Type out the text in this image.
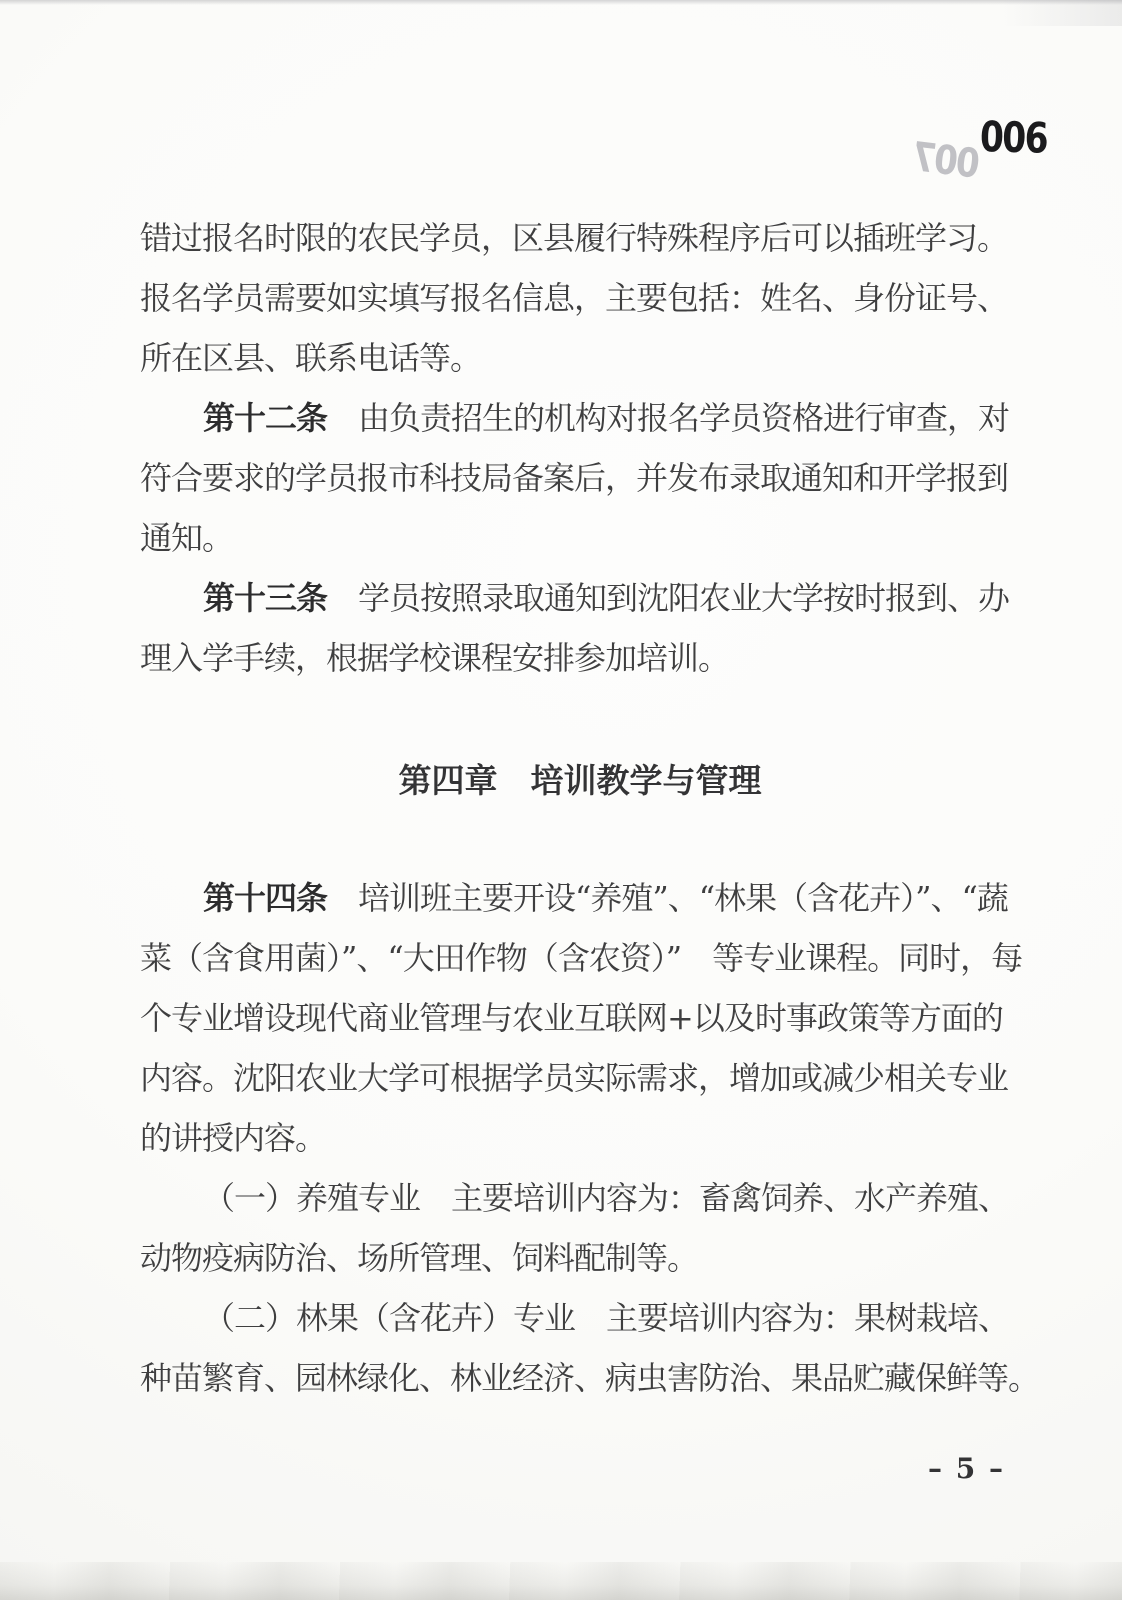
007
006
错过报名时限的农民学员，区县履行特殊程序后可以插班学习。
报名学员需要如实填写报名信息，主要包括：姓名、身份证号、
所在区县、联系电话等。
第十二条　由负责招生的机构对报名学员资格进行审查，对
符合要求的学员报市科技局备案后，并发布录取通知和开学报到
通知。
第十三条　学员按照录取通知到沈阳农业大学按时报到、办
理入学手续，根据学校课程安排参加培训。
第四章　培训教学与管理
第十四条　培训班主要开设“养殖”、“林果（含花卉）”、“蔬
菜（含食用菌）”、“大田作物（含农资）”　等专业课程。同时，每
个专业增设现代商业管理与农业互联网+以及时事政策等方面的
内容。沈阳农业大学可根据学员实际需求，增加或减少相关专业
的讲授内容。
（一）养殖专业　主要培训内容为：畜禽饲养、水产养殖、
动物疫病防治、场所管理、饲料配制等。
（二）林果（含花卉）专业　主要培训内容为：果树栽培、
种苗繁育、园林绿化、林业经济、病虫害防治、果品贮藏保鲜等。
– 5 –
